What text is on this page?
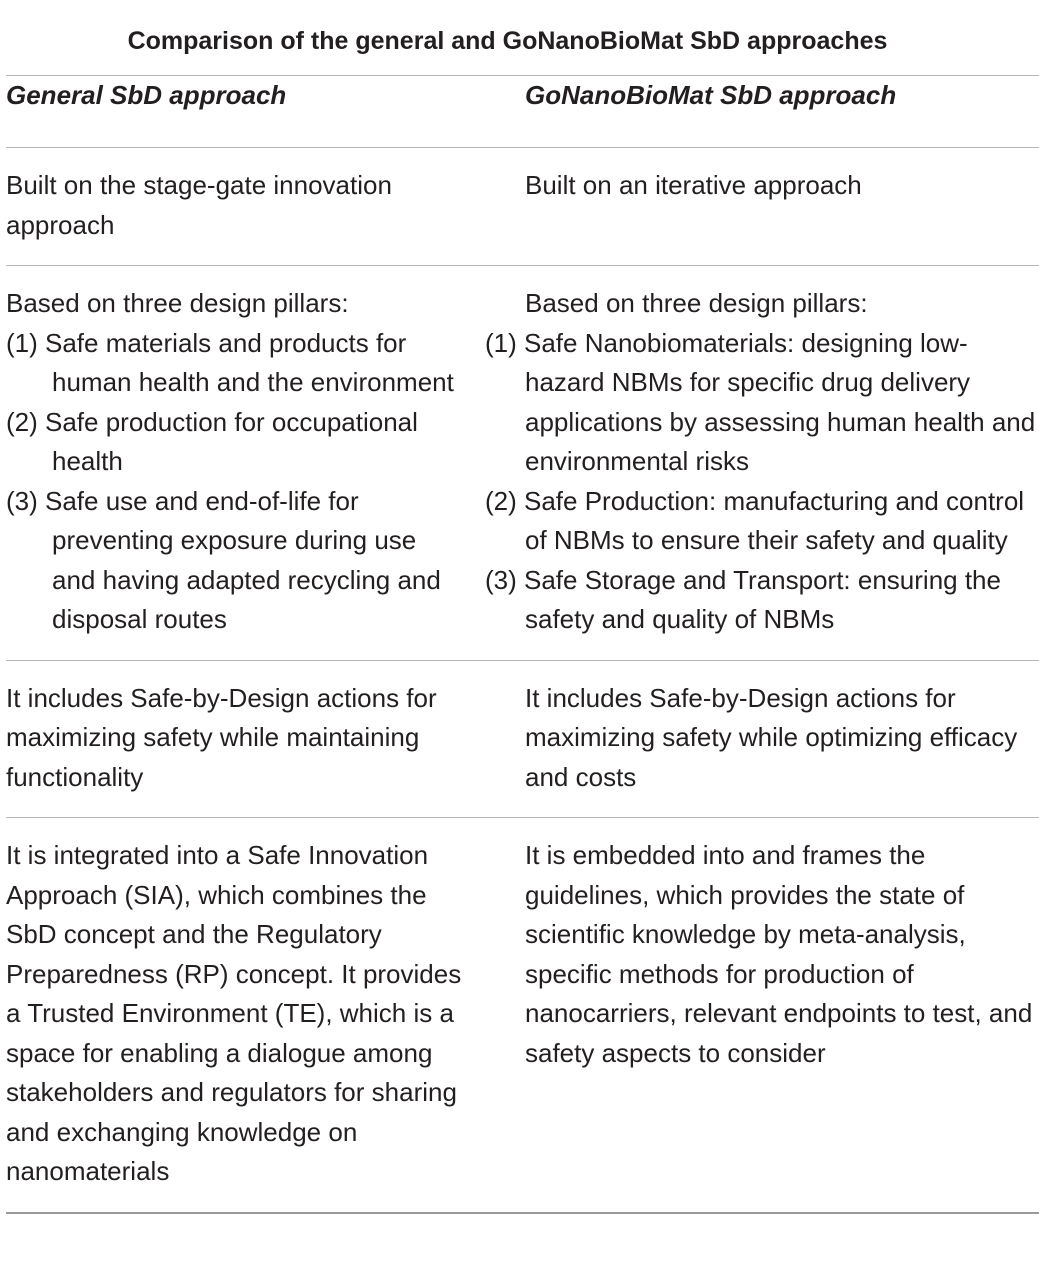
Comparison of the general and GoNanoBioMat SbD approaches
General SbD approach	GoNanoBioMat SbD approach
Built on the stage-gate innovation approach
Built on an iterative approach
Based on three design pillars:
(1) Safe materials and products for human health and the environment
(2) Safe production for occupational health
(3) Safe use and end-of-life for preventing exposure during use and having adapted recycling and disposal routes
Based on three design pillars:
(1) Safe Nanobiomaterials: designing low-hazard NBMs for specific drug delivery applications by assessing human health and environmental risks
(2) Safe Production: manufacturing and control of NBMs to ensure their safety and quality
(3) Safe Storage and Transport: ensuring the safety and quality of NBMs
It includes Safe-by-Design actions for maximizing safety while maintaining functionality
It includes Safe-by-Design actions for maximizing safety while optimizing efficacy and costs
It is integrated into a Safe Innovation Approach (SIA), which combines the SbD concept and the Regulatory Preparedness (RP) concept. It provides a Trusted Environment (TE), which is a space for enabling a dialogue among stakeholders and regulators for sharing and exchanging knowledge on nanomaterials
It is embedded into and frames the guidelines, which provides the state of scientific knowledge by meta-analysis, specific methods for production of nanocarriers, relevant endpoints to test, and safety aspects to consider
